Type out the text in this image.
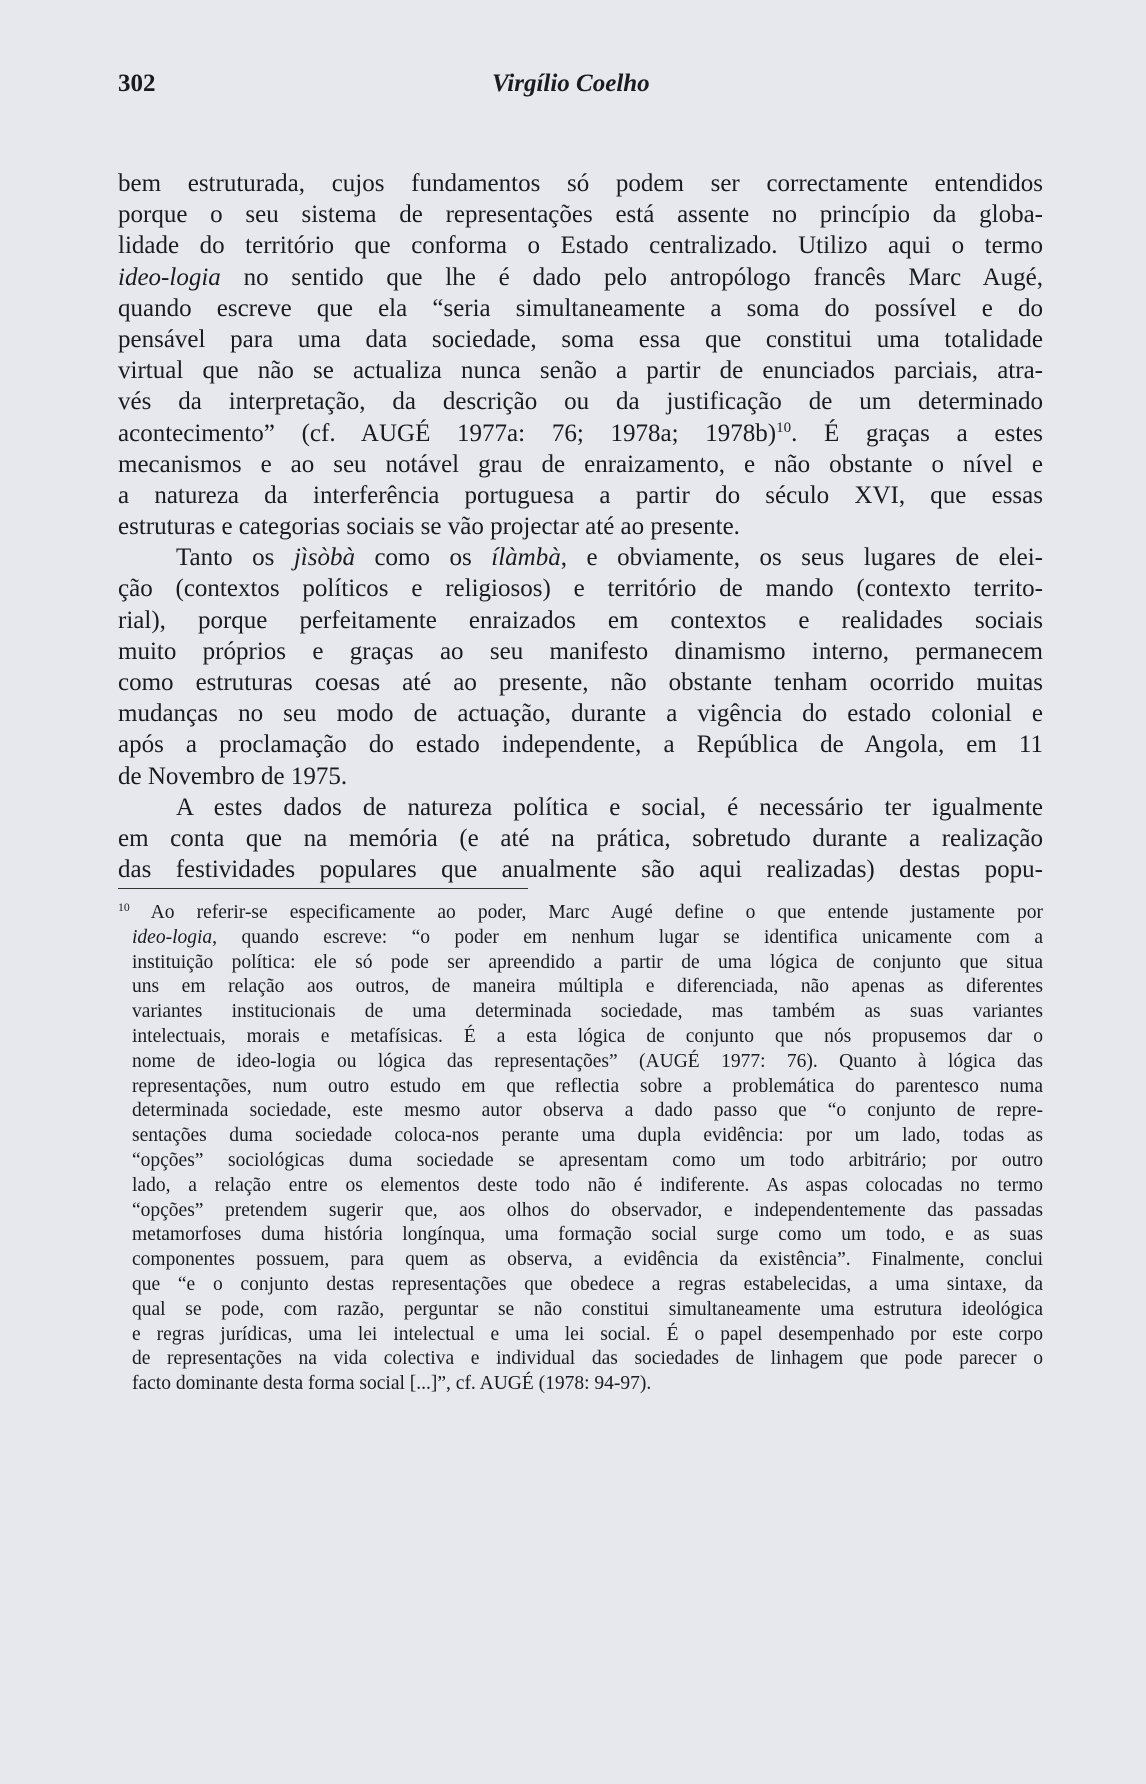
302	Virgílio Coelho
bem estruturada, cujos fundamentos só podem ser correctamente entendidos
porque o seu sistema de representações está assente no princípio da globa-
lidade do território que conforma o Estado centralizado. Utilizo aqui o termo
ideo-logia no sentido que lhe é dado pelo antropólogo francês Marc Augé,
quando escreve que ela “seria simultaneamente a soma do possível e do
pensável para uma data sociedade, soma essa que constitui uma totalidade
virtual que não se actualiza nunca senão a partir de enunciados parciais, atra-
vés da interpretação, da descrição ou da justificação de um determinado
acontecimento” (cf. AUGÉ 1977a: 76; 1978a; 1978b)$^{10}$. É graças a estes
mecanismos e ao seu notável grau de enraizamento, e não obstante o nível e
a natureza da interferência portuguesa a partir do século XVI, que essas
estruturas e categorias sociais se vão projectar até ao presente.
Tanto os jìsòbà como os ílàmbà, e obviamente, os seus lugares de elei-
ção (contextos políticos e religiosos) e território de mando (contexto territo-
rial), porque perfeitamente enraizados em contextos e realidades sociais
muito próprios e graças ao seu manifesto dinamismo interno, permanecem
como estruturas coesas até ao presente, não obstante tenham ocorrido muitas
mudanças no seu modo de actuação, durante a vigência do estado colonial e
após a proclamação do estado independente, a República de Angola, em 11
de Novembro de 1975.
A estes dados de natureza política e social, é necessário ter igualmente
em conta que na memória (e até na prática, sobretudo durante a realização
das festividades populares que anualmente são aqui realizadas) destas popu-
$^{10}$ Ao referir-se especificamente ao poder, Marc Augé define o que entende justamente por
ideo-logia, quando escreve: “o poder em nenhum lugar se identifica unicamente com a
instituição política: ele só pode ser apreendido a partir de uma lógica de conjunto que situa
uns em relação aos outros, de maneira múltipla e diferenciada, não apenas as diferentes
variantes institucionais de uma determinada sociedade, mas também as suas variantes
intelectuais, morais e metafísicas. É a esta lógica de conjunto que nós propusemos dar o
nome de ideo-logia ou lógica das representações” (AUGÉ 1977: 76). Quanto à lógica das
representações, num outro estudo em que reflectia sobre a problemática do parentesco numa
determinada sociedade, este mesmo autor observa a dado passo que “o conjunto de repre-
sentações duma sociedade coloca-nos perante uma dupla evidência: por um lado, todas as
“opções” sociológicas duma sociedade se apresentam como um todo arbitrário; por outro
lado, a relação entre os elementos deste todo não é indiferente. As aspas colocadas no termo
“opções” pretendem sugerir que, aos olhos do observador, e independentemente das passadas
metamorfoses duma história longínqua, uma formação social surge como um todo, e as suas
componentes possuem, para quem as observa, a evidência da existência”. Finalmente, conclui
que “e o conjunto destas representações que obedece a regras estabelecidas, a uma sintaxe, da
qual se pode, com razão, perguntar se não constitui simultaneamente uma estrutura ideológica
e regras jurídicas, uma lei intelectual e uma lei social. É o papel desempenhado por este corpo
de representações na vida colectiva e individual das sociedades de linhagem que pode parecer o
facto dominante desta forma social [...]”, cf. AUGÉ (1978: 94-97).
